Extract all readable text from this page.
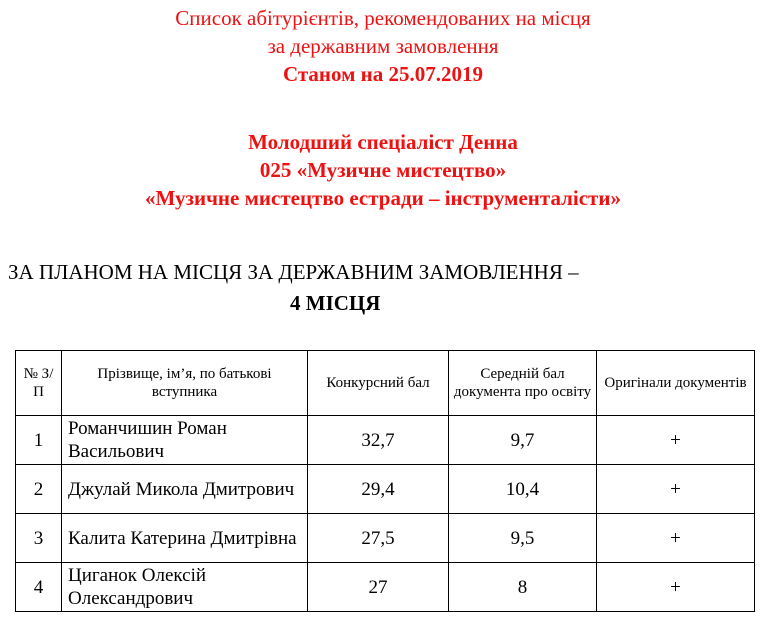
Список абітурієнтів, рекомендованих на місця
за державним замовлення
Станом на 25.07.2019
Молодший спеціаліст Денна
025 «Музичне мистецтво»
«Музичне мистецтво естради – інструменталісти»
ЗА ПЛАНОМ НА МІСЦЯ ЗА ДЕРЖАВНИМ ЗАМОВЛЕННЯ –
4 МІСЦЯ
№ З/П	Прізвище, ім’я, по батькові вступника	Конкурсний бал	Середній бал документа про освіту	Оригінали документів
1	Романчишин Роман Васильович	32,7	9,7	+
2	Джулай Микола Дмитрович	29,4	10,4	+
3	Калита Катерина Дмитрівна	27,5	9,5	+
4	Циганок Олексій Олександрович	27	8	+
